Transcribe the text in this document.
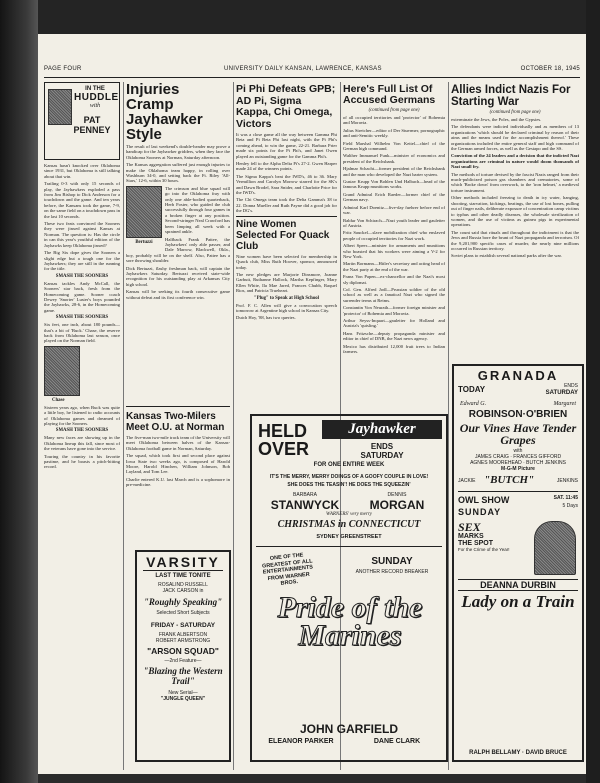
PAGE FOUR	UNIVERSITY DAILY KANSAN, LAWRENCE, KANSAS	OCTOBER 18, 1945
IN THE
HUDDLE
with
PAT
PENNEY

Kansas hasn't knocked over Oklahoma since 1931, but Oklahoma is still talking about that win.

Trailing 0-3 with only 15 seconds of play, the Jayhawkers exploded a pass from Jim Bishop to Dick Anderson for a touchdown and the game. And ten years before, the Kansans took the game, 7-9, on the same field on a touchdown pass in the last 10 seconds.

These two feats convinced the Sooners they were jinxed against Kansas at Norman. The question is: Has the circle in can this year's youthful edition of the Jayhawks keep Oklahoma jinxed?

The Big Six dope gives the Sooners a slight edge but a tough one for the Jayhawkers; they are still in the running for the title.

SMASH THE SOONERS

Kansas tackles Andy McCall, the Sooners' star back, fresh from the Homecoming game. Sooner coach Dewey 'Snorter' Luster's boys pounded the Jayhawks, 28-6, in the Homecoming game.

SMASH THE SOONERS

Six feet, one inch, about 180 pounds—that's a bit of 'Buck.' Chase, the reserve back from Oklahoma last season, once played on the Norman field.

Chase

Sixteen years ago, when Buck was quite a little boy, he listened to radio accounts of Oklahoma games and dreamed of playing for the Sooners.

SMASH THE SOONERS

Many new faces are showing up in the Oklahoma lineup this fall, since most of the veterans have gone into the service.

Touring the country in his favorite pastime, and he boasts a pitch-hitting record.

Injuries Cramp Jayhawker Style

The result of last weekend's double-header may prove a handicap for the Jayhawker gridders, when they face the Oklahoma Sooners at Norman, Saturday afternoon.

The Kansas aggregation suffered just enough injuries to make the Oklahoma team happy, in rolling over Washburn 34-0, and setting back the Ft. Riley 'All-Stars,' 12-6, within 30 hours.

Bertuzzi

The crimson and blue squad will go into the Oklahoma fray with only one able-bodied quarterback, Herb Foster, who guided the club successfully through four games in a broken finger at any position. Second-stringer Neal Crawford has been limping all week with a sprained ankle.

Halfback Frank Pattee, the Jayhawkers' only able passer, and Dale Marrow, Blackwell, Okla., boy, probably will be on the shelf. Also, Pattee has a sore throwing shoulder.

Dick Bertuzzi, flashy freshman back, will captain the Jayhawkers Saturday. Bertuzzi received state-wide recognition for his outstanding play at Arkansas City high school.

Kansas will be seeking its fourth consecutive game without defeat and its first conference win.

Kansas Two-Milers Meet O.U. at Norman

The five-man two-mile track team of the University will meet Oklahoma between halves of the Kansas-Oklahoma football game in Norman, Saturday.

The squad, which took first and second place against Iowa State two weeks ago, is composed of Harold Moore, Harold Hinchen, William Johnson, Bob Layland, and Tom Lee.

Charlie entered K.U. last March and is a sophomore in pre-medicine.

VARSITY
LAST TIME TONITE
ROSALIND RUSSELL
JACK CARSON in
"Roughly Speaking"
Selected Short Subjects
FRIDAY - SATURDAY
FRANK ALBERTSON
ROBERT ARMSTRONG
"ARSON SQUAD"
—2nd Feature—
"Blazing the Western Trail"
New Serial—
"JUNGLE QUEEN"
Pi Phi Defeats GPB; AD Pi, Sigma Kappa, Chi Omega, Victors

It was a close game all the way between Gamma Phi Beta and Pi Beta Phi last night, with the Pi Phi's coming ahead, to win the game, 22-21. Barbara Prier made six points for the Pi Phi's, and Janet Owen played an outstanding game for the Gamma Phi's.

Henley fell to the Alpha Delta Pi's 27-2. Gwen Harper made 24 of the winners points.

The Sigma Kappa's beat the IWD's, 46 to 36. Mary Vermillion and Carolyn Morrow starred for the SK's and Dawn Brodel, Sara Snider, and Charlotte Price for the IWD's.

The Chi Omega team took the Delta Gamma's 38 to 22. Donna Mueller and Ruth Payne did a good job for the DG's.

Nine Women Selected For Quack Club

Nine women have been selected for membership in Quack club, Miss Ruth Hoover, sponsor, announced today.

The new pledges are Marjorie Dinsmore, Joanne Garbutt, Ruthanne Hallock, Martha Kepfinger, Mary Ellen White, Ila Mae Jared, Frances Chubb, Raquel Rios, and Patricia Trueheart.

"Plug" to Speak at High School

Prof. F. C. Allen will give a convocation speech tomorrow at Argentine high school in Kansas City.

Dutch Hoy, '88, has two queries.

Here's Full List Of Accused Germans
(continued from page one)

of all occupied territories and 'protector' of Bohemia and Moravia.

Julius Streicher—editor of Der Stuermer, pornographic and anti-Semitic weekly.

Field Marshal Wilhelm Von Keitel—chief of the German high command.

Walther Immanuel Funk—minister of economics and president of the Reichsbank.

Hjalmar Schacht—former president of the Reichsbank and the man who developed the Nazi barter system.

Gustav Krupp Von Bohlen Und Halbach—head of the famous Krupp munitions works.

Grand Admiral Erich Raeder—former chief of the German navy.

Admiral Karl Doenitz—five-day fuehrer before end of war.

Baldur Von Schirach—Nazi youth leader and gauleiter of Austria.

Fritz Sauckel—slave mobilization chief who enslaved people of occupied territories for Nazi work.

Albert Speer—minister for armaments and munitions who boasted that his workers were aiming a V-2 for New York.

Martin Bormann—Hitler's secretary and acting head of the Nazi party at the end of the war.

Franz Von Papen—ex-chancellor and the Nazi's most sly diplomat.

Col. Gen. Alfred Jodl—Prussian soldier of the old school as well as a fanatical Nazi who signed the surrender terms at Reims.

Constantin Von Neurath—former foreign minister and 'protector' of Bohemia and Moravia.

Arthur Seyss-Inquart—gauleiter for Holland and Austria's 'quisling.'

Hans Fritzsche—deputy propaganda minister and editor in chief of DNB, the Nazi news agency.

Mexico has distributed 12,000 fruit trees to Indian farmers.

Allies Indict Nazis For Starting War
(continued from page one)

exterminate the Jews, the Poles, and the Gypsies.

The defendants were indicted individually and as members of 13 organizations 'which should be declared criminal by reason of their aims and the means used for the accomplishment thereof.' These organizations included the entire general staff and high command of the German armed forces, as well as the Gestapo and the SS.

Conviction of the 24 leaders and a decision that the indicted Nazi organizations are criminal in nature would doom thousands of Nazi small fry.

The methods of torture devised by the fascist Nazis ranged from their much-publicized poison gas chambers and crematories, some of which 'Broke down' from overwork, to the 'iron helmet,' a medieval torture instrument.

Other methods included freezing to death in icy water, hanging, shooting, starvation, kickings, beatings, the use of lost bones, pulling out of finger nails, deliberate exposure of concentration camp victims to typhus and other deadly diseases, the wholesale sterilization of women, and the use of victims as guinea pigs in experimental operations.

The count said that rituals and throughout the indictment is that the Jews and Russia bore the brunt of Nazi propaganda and terrorism. Of the 9,201,900 specific cases of murder, the nearly nine millions occurred in Russian territory.

Soviet plans to establish several national parks after the war.

HELD
OVER
Jayhawker
ENDS
SATURDAY
FOR ONE ENTIRE WEEK
IT'S THE MERRY, MERRY DOINGS OF A GOOFY COUPLE IN LOVE!
SHE DOES THE TEASIN'! HE DOES THE SQUEEZIN'
BARBARA
STANWYCK
DENNIS
MORGAN
WARNERS' very merry
CHRISTMAS in CONNECTICUT
SYDNEY GREENSTREET
ONE OF THE GREATEST OF ALL ENTERTAINMENTS FROM WARNER BROS.
SUNDAY
ANOTHER RECORD BREAKER
Pride of the Marines
JOHN GARFIELD
ELEANOR PARKER	DANE CLARK
GRANADA
TODAY	ENDS
SATURDAY
Edward G.	Margaret
ROBINSON·O'BRIEN
Our Vines Have Tender Grapes
with
JAMES CRAIG · FRANCES GIFFORD
AGNES MOOREHEAD · BUTCH JENKINS
M-G-M Picture
JACKIE "BUTCH"	JENKINS
OWL SHOW
SUNDAY
SAT. 11:45
5 Days
SEX
MARKS
THE SPOT
For the Crime of the Year!
DEANNA DURBIN
Lady on a Train
RALPH BELLAMY · DAVID BRUCE
